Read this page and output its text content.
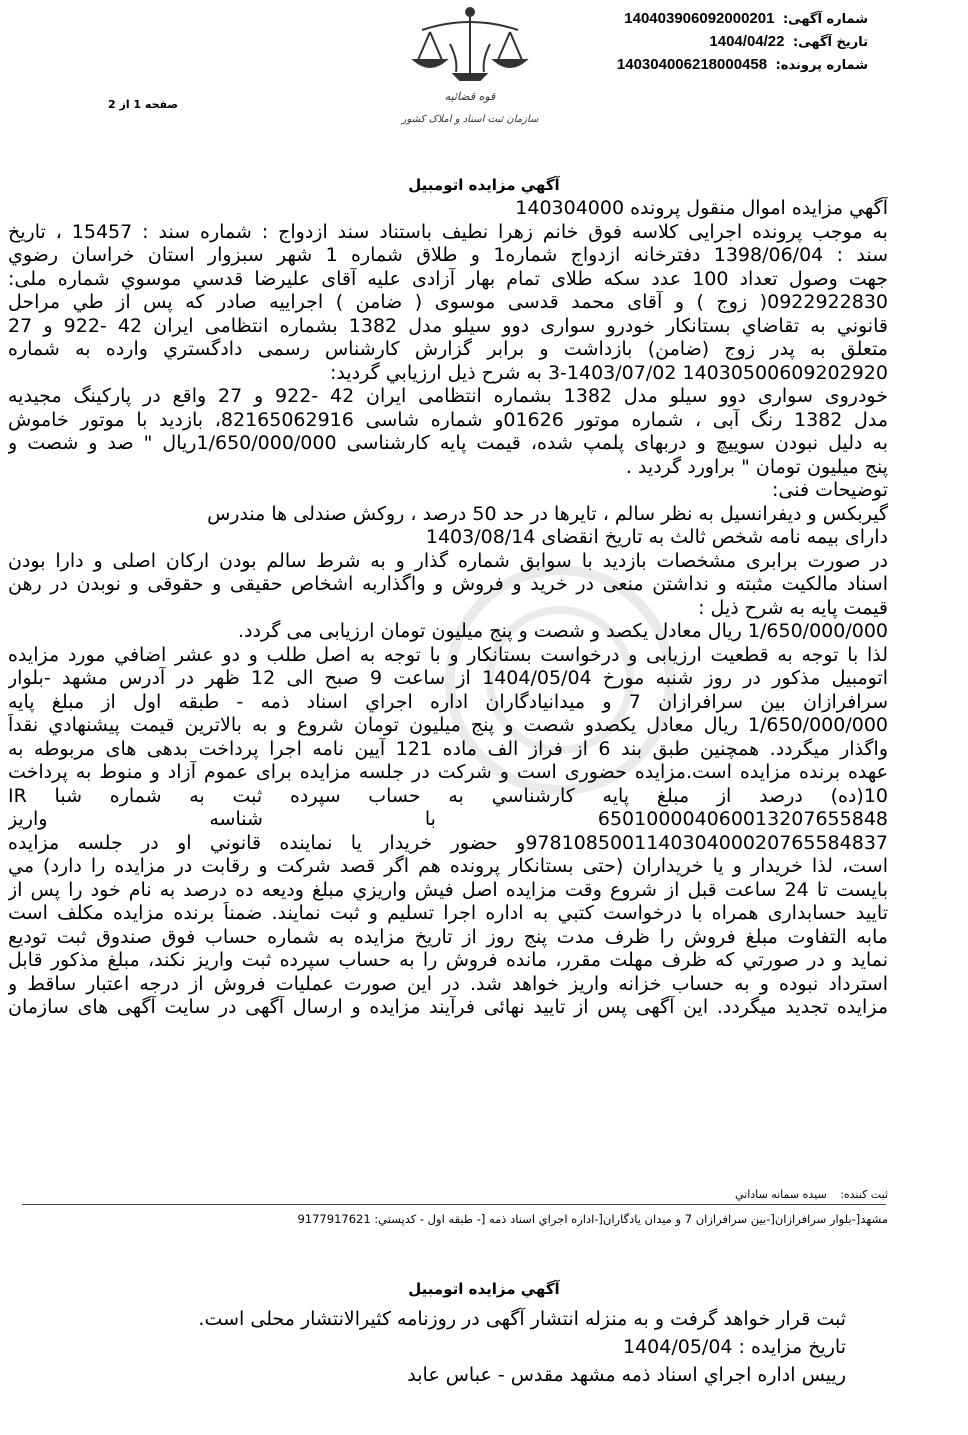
شماره آگهی: 140403906092000201
تاریخ آگهی: 1404/04/22
شماره پرونده: 140304006218000458
صفحه 1 از 2
قوه قضائیه
سازمان ثبت اسناد و املاک کشور
آگهي مزايده اتومبيل
آگهي مزايده اموال منقول پرونده 140304000
به موجب پرونده اجرايی كلاسه فوق خانم زهرا نطیف باستناد سند ازدواج : شماره سند : 15457 ، تاريخ
سند : 1398/06/04 دفترخانه ازدواج شماره1 و طلاق شماره 1 شهر سبزوار استان خراسان رضوي
جهت وصول تعداد 100 عدد سكه طلای تمام بهار آزادی علیه آقای علیرضا قدسي موسوي شماره ملی:
0922922830( زوج ) و آقای محمد قدسی موسوی ( ضامن ) اجراييه صادر كه پس از طي مراحل
قانوني به تقاضاي بستانكار خودرو سواری دوو سیلو مدل 1382 بشماره انتظامی ایران 42 -922 و 27
متعلق به پدر زوج (ضامن) بازداشت و برابر گزارش كارشناس رسمی دادگستري وارده به شماره
14030500609202920 3-1403/07/02 به شرح ذيل ارزيابي گرديد:
خودروی سواری دوو سیلو مدل 1382 بشماره انتظامی ایران 42 -922 و 27 واقع در پارکینگ مجیدیه
مدل 1382 رنگ آبی ، شماره موتور 01626و شماره شاسی 82165062916، بازدید با موتور خاموش
به دلیل نبودن سوییچ و دربهای پلمپ شده، قیمت پایه کارشناسی 1/650/000/000ریال " صد و شصت و
پنج میلیون تومان " براورد گردید .
توضیحات فنی:
گیربکس و دیفرانسیل به نظر سالم ، تایرها در حد 50 درصد ، روکش صندلی ها مندرس
دارای بیمه نامه شخص ثالث به تاریخ انقضای 1403/08/14
در صورت برابری مشخصات بازدید با سوابق شماره گذار و به شرط سالم بودن ارکان اصلی و دارا بودن
اسناد مالکیت مثبته و نداشتن منعی در خرید و فروش و واگذاربه اشخاص حقیقی و حقوقی و نوبدن در رهن
قیمت پایه به شرح ذیل :
1/650/000/000 ريال معادل يكصد و شصت و پنج ميليون تومان ارزيابی می گردد.
لذا با توجه به قطعيت ارزيابی و درخواست بستانكار و با توجه به اصل طلب و دو عشر اضافي مورد مزايده
اتومبيل مذكور در روز شنبه مورخ 1404/05/04 از ساعت 9 صبح الی 12 ظهر در آدرس مشهد -بلوار
سرافرازان بين سرافرازان 7 و میدانیادگاران اداره اجراي اسناد ذمه - طبقه اول از مبلغ پايه
1/650/000/000 ريال معادل يكصدو شصت و پنج ميليون تومان شروع و به بالاترين قيمت پيشنهادي نقداً
واگذار ميگردد. همچنین طبق بند 6 از فراز الف ماده 121 آیین نامه اجرا پرداخت بدهی های مربوطه به
عهده برنده مزایده است.مزايده حضوری است و شركت در جلسه مزايده برای عموم آزاد و منوط به پرداخت
10(ده) درصد از مبلغ پايه كارشناسي به حساب سپرده ثبت به شماره شبا IR
650100004060013207655848 با شناسه واريز
978108500114030400020765584837و حضور خريدار يا نماينده قانوني او در جلسه مزايده
است، لذا خريدار و يا خريداران (حتی بستانكار پرونده هم اگر قصد شركت و رقابت در مزايده را دارد) مي
بايست تا 24 ساعت قبل از شروع وقت مزايده اصل فيش واريزي مبلغ وديعه ده درصد به نام خود را پس از
تاييد حسابداری همراه با درخواست كتبي به اداره اجرا تسليم و ثبت نمايند. ضمناً برنده مزايده مكلف است
مابه التفاوت مبلغ فروش را ظرف مدت پنج روز از تاريخ مزايده به شماره حساب فوق صندوق ثبت توديع
نمايد و در صورتي كه ظرف مهلت مقرر، مانده فروش را به حساب سپرده ثبت واريز نكند، مبلغ مذكور قابل
استرداد نبوده و به حساب خزانه واريز خواهد شد. در اين صورت عمليات فروش از درجه اعتبار ساقط و
مزايده تجديد ميگردد. اين آگهی پس از تاييد نهائی فرآيند مزايده و ارسال آگهی در سايت آگهی های سازمان
ثبت كننده: سيده سمانه ساداتي
مشهد[-بلوار سرافرازان[-بين سرافرازان 7 و ميدان يادگاران[-اداره اجراي اسناد ذمه [- طبقه اول - كدپستي: 9177917621
آگهي مزايده اتومبيل
ثبت قرار خواهد گرفت و به منزله انتشار آگهی در روزنامه كثيرالانتشار محلی است.
تاريخ مزايده : 1404/05/04
رييس اداره اجراي اسناد ذمه مشهد مقدس - عباس عابد
